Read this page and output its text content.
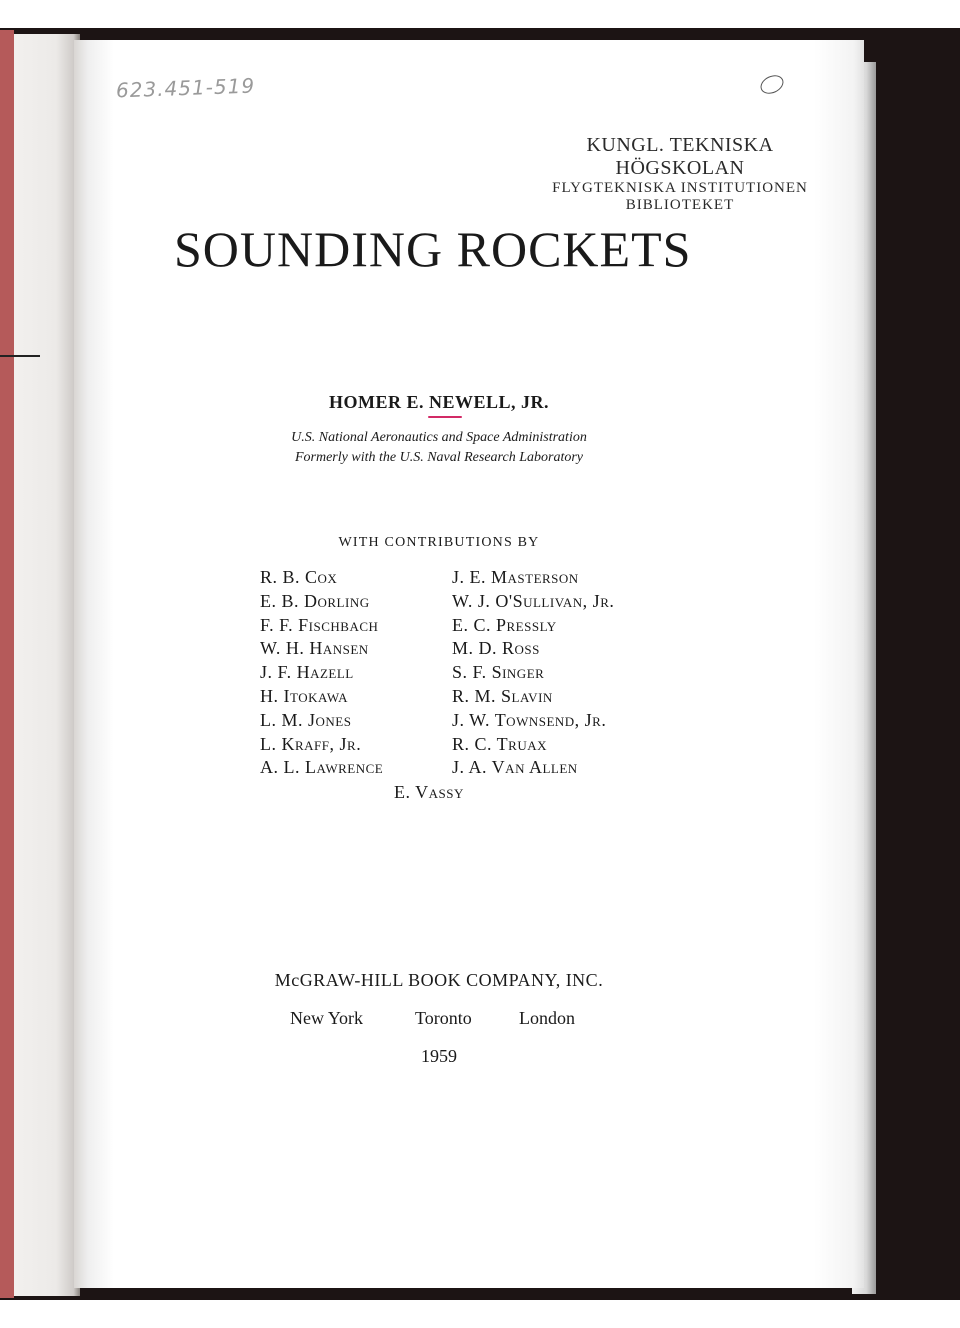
623.451-519
KUNGL. TEKNISKA HÖGSKOLAN
FLYGTEKNISKA INSTITUTIONEN
BIBLIOTEKET
SOUNDING ROCKETS
HOMER E. NEWELL, JR.
U.S. National Aeronautics and Space Administration
Formerly with the U.S. Naval Research Laboratory
WITH CONTRIBUTIONS BY
R. B. Cox
E. B. Dorling
F. F. Fischbach
W. H. Hansen
J. F. Hazell
H. Itokawa
L. M. Jones
L. Kraff, Jr.
A. L. Lawrence
J. E. Masterson
W. J. O'Sullivan, Jr.
E. C. Pressly
M. D. Ross
S. F. Singer
R. M. Slavin
J. W. Townsend, Jr.
R. C. Truax
J. A. Van Allen
E. Vassy
McGRAW-HILL BOOK COMPANY, INC.
New York	Toronto	London
1959
